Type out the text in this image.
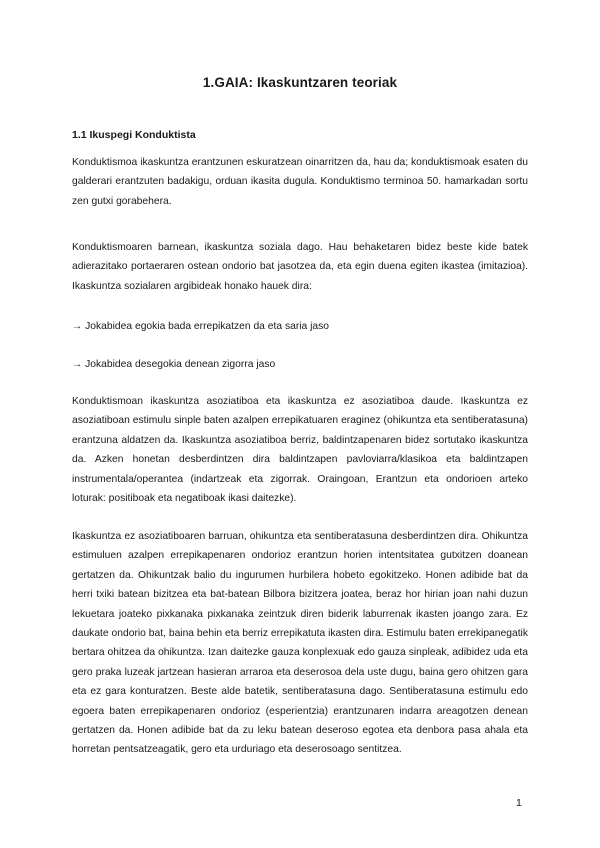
1.GAIA: Ikaskuntzaren teoriak
1.1 Ikuspegi Konduktista

Konduktismoa ikaskuntza erantzunen eskuratzean oinarritzen da, hau da; konduktismoak esaten du galderari erantzuten badakigu, orduan ikasita dugula. Konduktismo terminoa 50. hamarkadan sortu zen gutxi gorabehera.

Konduktismoaren barnean, ikaskuntza soziala dago. Hau behaketaren bidez beste kide batek adierazitako portaeraren ostean ondorio bat jasotzea da, eta egin duena egiten ikastea (imitazioa). Ikaskuntza sozialaren argibideak honako hauek dira:

→ Jokabidea egokia bada errepikatzen da eta saria jaso

→ Jokabidea desegokia denean zigorra jaso

Konduktismoan ikaskuntza asoziatiboa eta ikaskuntza ez asoziatiboa daude. Ikaskuntza ez asoziatiboan estimulu sinple baten azalpen errepikatuaren eraginez (ohikuntza eta sentiberatasuna) erantzuna aldatzen da. Ikaskuntza asoziatiboa berriz, baldintzapenaren bidez sortutako ikaskuntza da. Azken honetan desberdintzen dira baldintzapen pavloviarra/klasikoa eta baldintzapen instrumentala/operantea (indartzeak eta zigorrak. Oraingoan, Erantzun eta ondorioen arteko loturak: positiboak eta negatiboak ikasi daitezke).

Ikaskuntza ez asoziatiboaren barruan, ohikuntza eta sentiberatasuna desberdintzen dira. Ohikuntza estimuluen azalpen errepikapenaren ondorioz erantzun horien intentsitatea gutxitzen doanean gertatzen da. Ohikuntzak balio du ingurumen hurbilera hobeto egokitzeko. Honen adibide bat da herri txiki batean bizitzea eta bat-batean Bilbora bizitzera joatea, beraz hor hirian joan nahi duzun lekuetara joateko pixkanaka pixkanaka zeintzuk diren biderik laburrenak ikasten joango zara. Ez daukate ondorio bat, baina behin eta berriz errepikatuta ikasten dira. Estimulu baten errekipanegatik bertara ohitzea da ohikuntza. Izan daitezke gauza konplexuak edo gauza sinpleak, adibidez uda eta gero praka luzeak jartzean hasieran arraroa eta deserosoa dela uste dugu, baina gero ohitzen gara eta ez gara konturatzen. Beste alde batetik, sentiberatasuna dago. Sentiberatasuna estimulu edo egoera baten errepikapenaren ondorioz (esperientzia) erantzunaren indarra areagotzen denean gertatzen da. Honen adibide bat da zu leku batean deseroso egotea eta denbora pasa ahala eta horretan pentsatzeagatik, gero eta urduriago eta deserosoago sentitzea.

1
